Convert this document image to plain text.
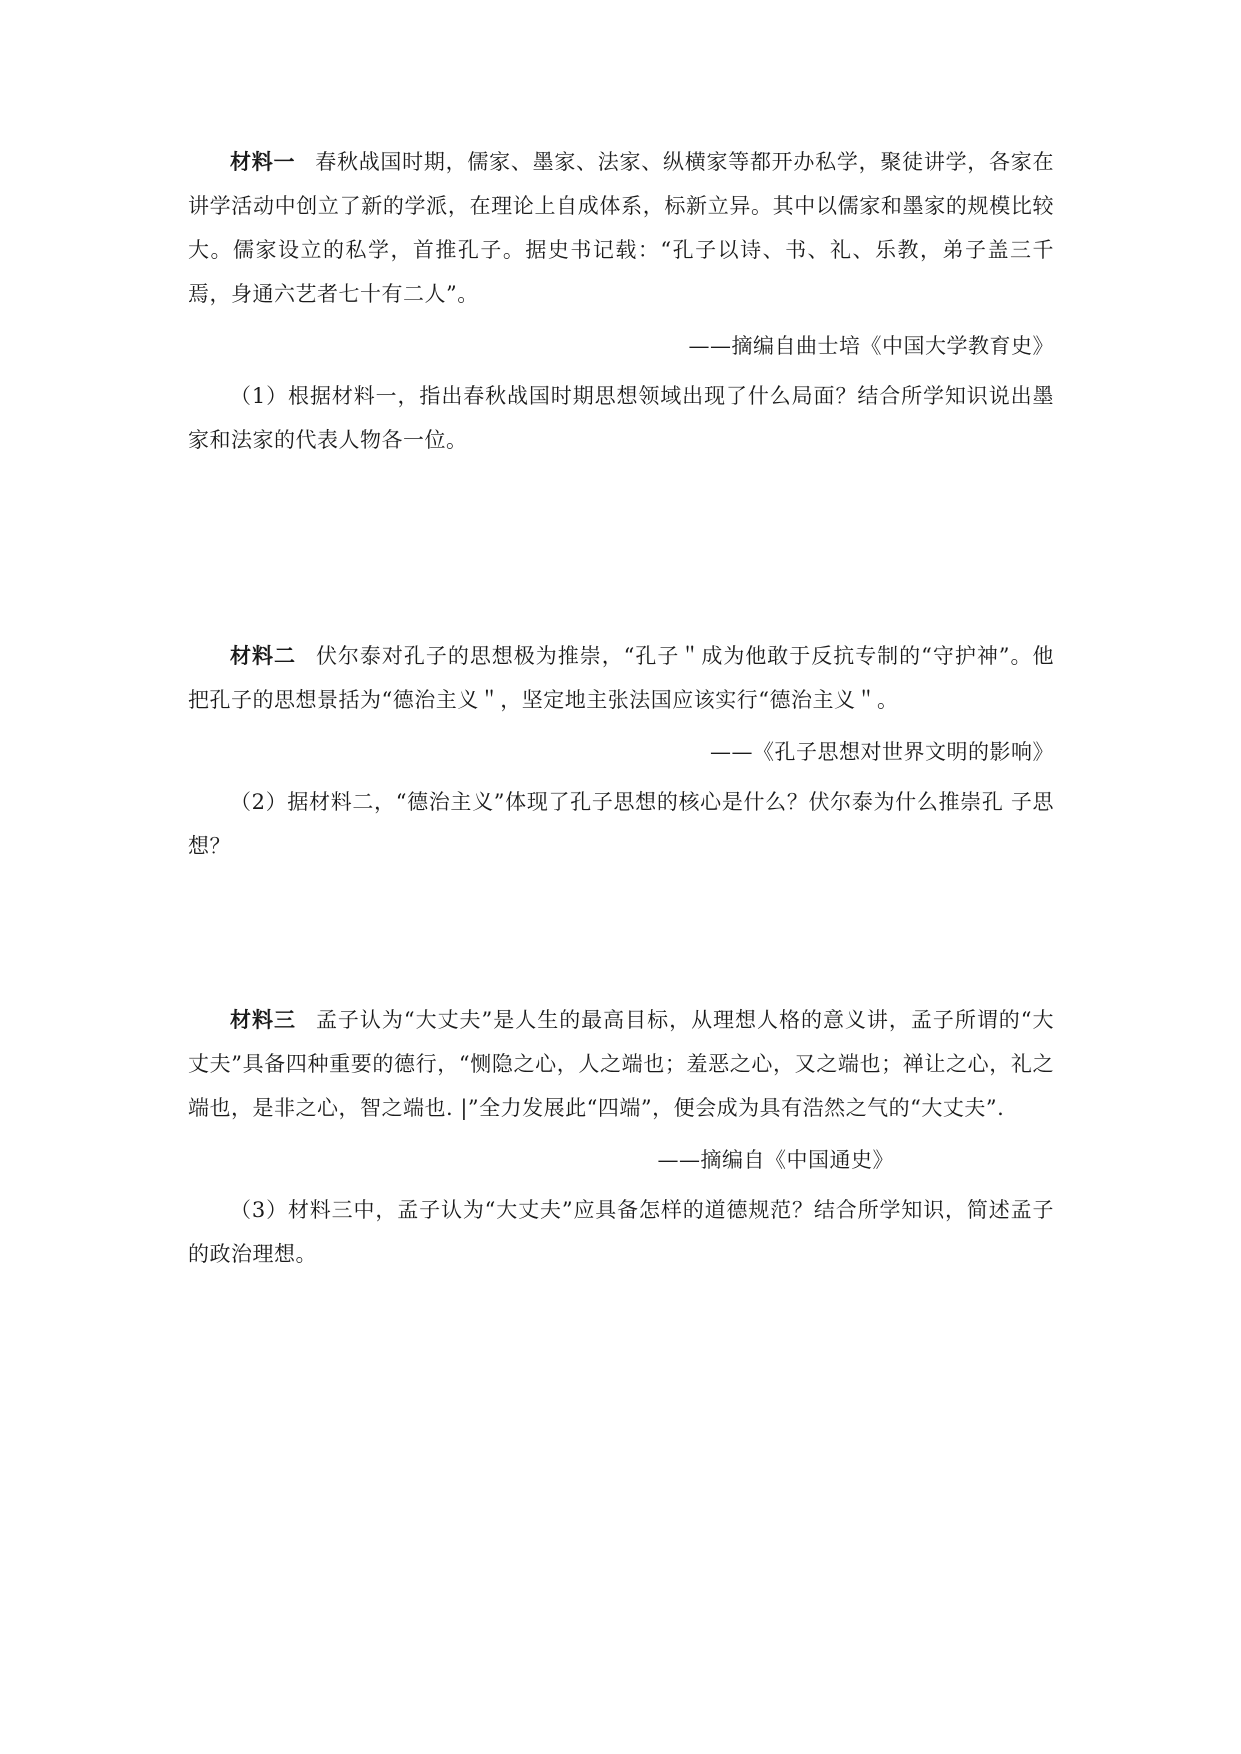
材料一 春秋战国时期，儒家、墨家、法家、纵横家等都开办私学，聚徒讲学，各家在讲学活动中创立了新的学派，在理论上自成体系，标新立异。其中以儒家和墨家的规模比较大。儒家设立的私学，首推孔子。据史书记载：“孔子以诗、书、礼、乐教，弟子盖三千焉，身通六艺者七十有二人”。

——摘编自曲士培《中国大学教育史》

（1）根据材料一，指出春秋战国时期思想领域出现了什么局面？结合所学知识说出墨家和法家的代表人物各一位。

材料二 伏尔泰对孔子的思想极为推崇，“孔子＂成为他敢于反抗专制的“守护神”。他把孔子的思想景括为“德治主义＂，坚定地主张法国应该实行“德治主义＂。

——《孔子思想对世界文明的影响》

（2）据材料二，“德治主义”体现了孔子思想的核心是什么？伏尔泰为什么推崇孔 子思想？

材料三 孟子认为“大丈夫”是人生的最高目标，从理想人格的意义讲，孟子所谓的“大丈夫”具备四种重要的德行，“恻隐之心，人之端也；羞恶之心，又之端也；禅让之心，礼之端也，是非之心，智之端也. |”全力发展此“四端”，便会成为具有浩然之气的“大丈夫”.

——摘编自《中国通史》

（3）材料三中，孟子认为“大丈夫”应具备怎样的道德规范？结合所学知识，简述孟子的政治理想。
